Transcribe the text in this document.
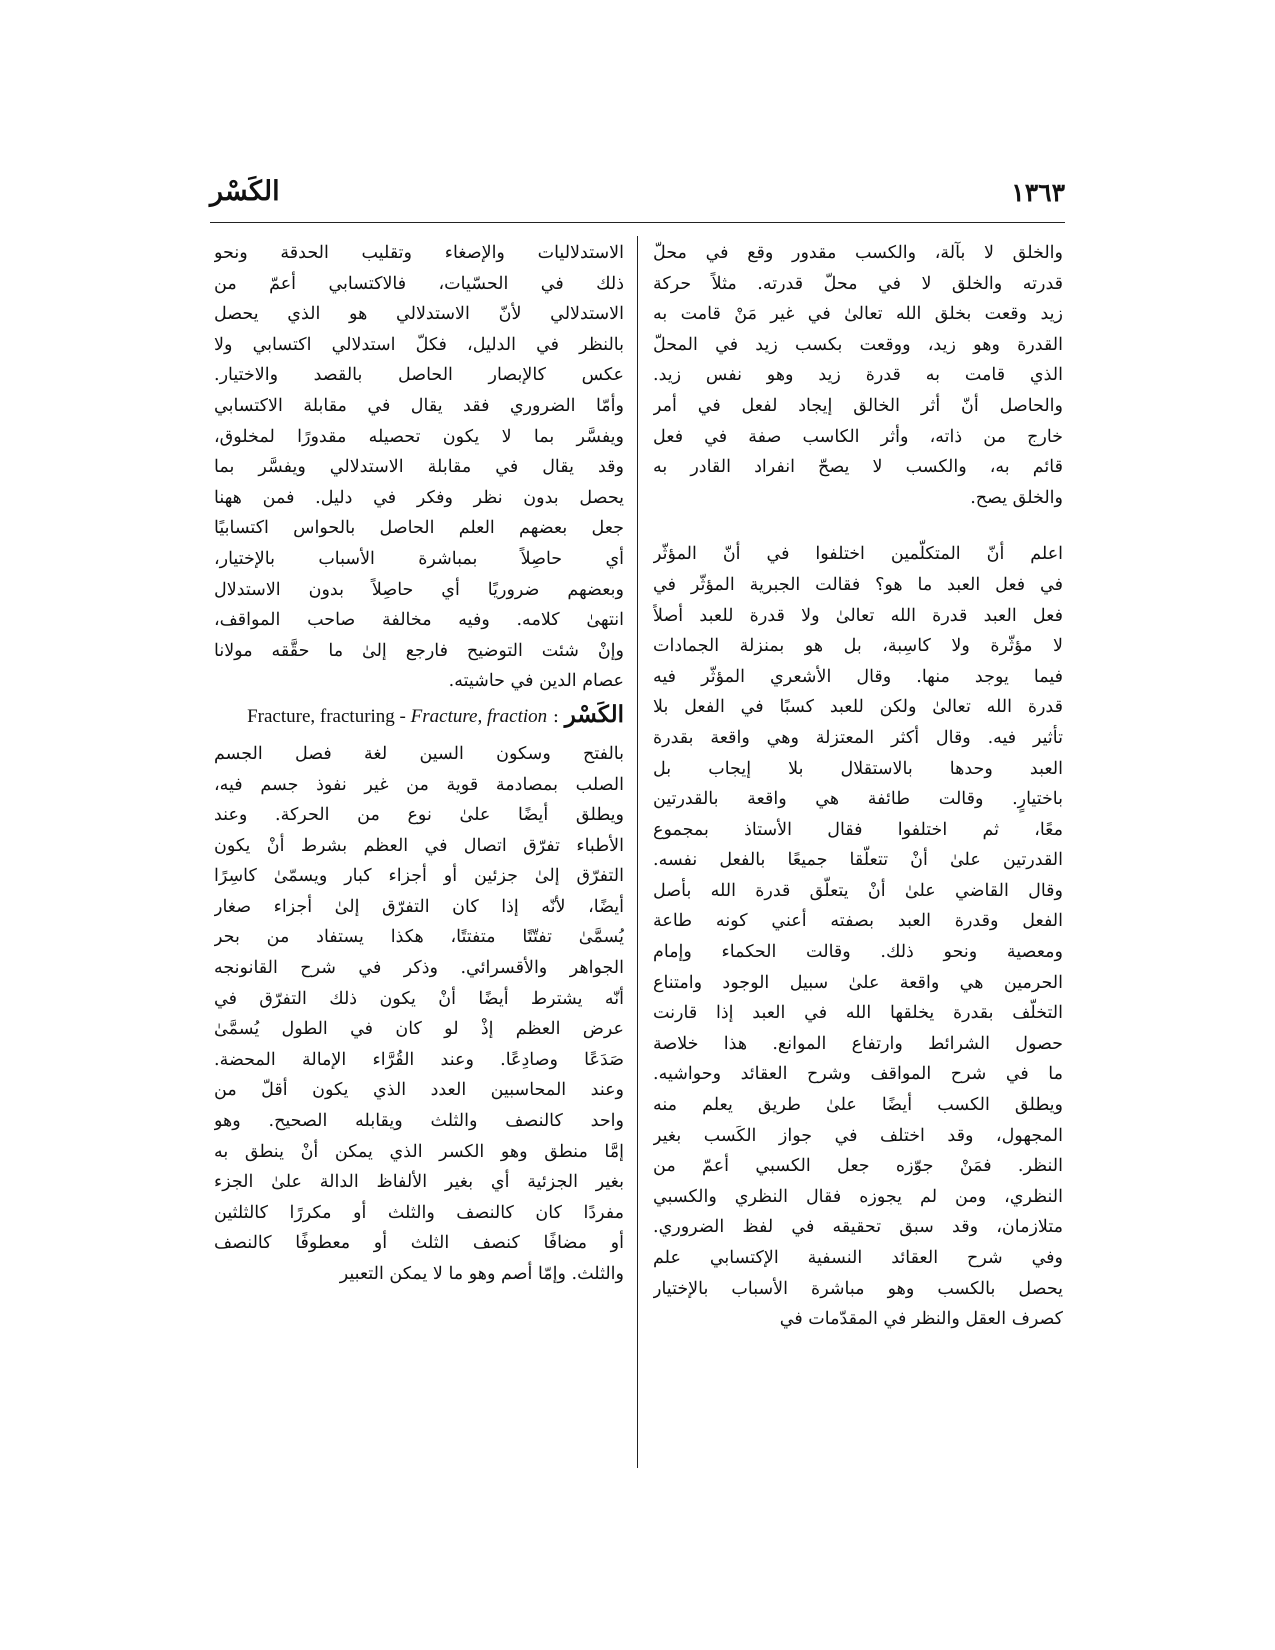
١٣٦٣
الكَسْر
والخلق لا بآلة، والكسب مقدور وقع في محلّ
قدرته والخلق لا في محلّ قدرته. مثلاً حركة
زيد وقعت بخلق الله تعالىٰ في غير مَنْ قامت به
القدرة وهو زيد، ووقعت بكسب زيد في المحلّ
الذي قامت به قدرة زيد وهو نفس زيد.
والحاصل أنّ أثر الخالق إيجاد لفعل في أمر
خارج من ذاته، وأثر الكاسب صفة في فعل
قائم به، والكسب لا يصحّ انفراد القادر به
والخلق يصح.
اعلم أنّ المتكلّمين اختلفوا في أنّ المؤثّر
في فعل العبد ما هو؟ فقالت الجبرية المؤثّر في
فعل العبد قدرة الله تعالىٰ ولا قدرة للعبد أصلاً
لا مؤثّرة ولا كاسِبة، بل هو بمنزلة الجمادات
فيما يوجد منها. وقال الأشعري المؤثّر فيه
قدرة الله تعالىٰ ولكن للعبد كسبًا في الفعل بلا
تأثير فيه. وقال أكثر المعتزلة وهي واقعة بقدرة
العبد وحدها بالاستقلال بلا إيجاب بل
باختيارٍ. وقالت طائفة هي واقعة بالقدرتين
معًا، ثم اختلفوا فقال الأستاذ بمجموع
القدرتين علىٰ أنْ تتعلّقا جميعًا بالفعل نفسه.
وقال القاضي علىٰ أنْ يتعلّق قدرة الله بأصل
الفعل وقدرة العبد بصفته أعني كونه طاعة
ومعصية ونحو ذلك. وقالت الحكماء وإمام
الحرمين هي واقعة علىٰ سبيل الوجود وامتناع
التخلّف بقدرة يخلقها الله في العبد إذا قارنت
حصول الشرائط وارتفاع الموانع. هذا خلاصة
ما في شرح المواقف وشرح العقائد وحواشيه.
ويطلق الكسب أيضًا علىٰ طريق يعلم منه
المجهول، وقد اختلف في جواز الكَسب بغير
النظر. فمَنْ جوّزه جعل الكسبي أعمّ من
النظري، ومن لم يجوزه فقال النظري والكسبي
متلازمان، وقد سبق تحقيقه في لفظ الضروري.
وفي شرح العقائد النسفية الإكتسابي علم
يحصل بالكسب وهو مباشرة الأسباب بالإختيار
كصرف العقل والنظر في المقدّمات في
الاستدلاليات والإصغاء وتقليب الحدقة ونحو
ذلك في الحسّيات، فالاكتسابي أعمّ من
الاستدلالي لأنّ الاستدلالي هو الذي يحصل
بالنظر في الدليل، فكلّ استدلالي اكتسابي ولا
عكس كالإبصار الحاصل بالقصد والاختيار.
وأمّا الضروري فقد يقال في مقابلة الاكتسابي
ويفسَّر بما لا يكون تحصيله مقدورًا لمخلوق،
وقد يقال في مقابلة الاستدلالي ويفسَّر بما
يحصل بدون نظر وفكر في دليل. فمن ههنا
جعل بعضهم العلم الحاصل بالحواس اكتسابيًا
أي حاصِلاً بمباشرة الأسباب بالإختيار،
وبعضهم ضروريًا أي حاصِلاً بدون الاستدلال
انتهىٰ كلامه. وفيه مخالفة صاحب المواقف،
وإنْ شئت التوضيح فارجع إلىٰ ما حقَّقه مولانا
عصام الدين في حاشيته.
الكَسْر : Fracture, fracturing - Fracture, fraction
بالفتح وسكون السين لغة فصل الجسم
الصلب بمصادمة قوية من غير نفوذ جسم فيه،
ويطلق أيضًا علىٰ نوع من الحركة. وعند
الأطباء تفرّق اتصال في العظم بشرط أنْ يكون
التفرّق إلىٰ جزئين أو أجزاء كبار ويسمّىٰ كاسِرًا
أيضًا، لأنّه إذا كان التفرّق إلىٰ أجزاء صغار
يُسمَّىٰ تفتّتًا متفتتًا، هكذا يستفاد من بحر
الجواهر والأقسرائي. وذكر في شرح القانونجه
أنّه يشترط أيضًا أنْ يكون ذلك التفرّق في
عرض العظم إذْ لو كان في الطول يُسمَّىٰ
صَدَعًا وصادِعًا. وعند القُرَّاء الإمالة المحضة.
وعند المحاسبين العدد الذي يكون أقلّ من
واحد كالنصف والثلث ويقابله الصحيح. وهو
إمَّا منطق وهو الكسر الذي يمكن أنْ ينطق به
بغير الجزئية أي بغير الألفاظ الدالة علىٰ الجزء
مفردًا كان كالنصف والثلث أو مكررًا كالثلثين
أو مضافًا كنصف الثلث أو معطوفًا كالنصف
والثلث. وإمّا أصم وهو ما لا يمكن التعبير
